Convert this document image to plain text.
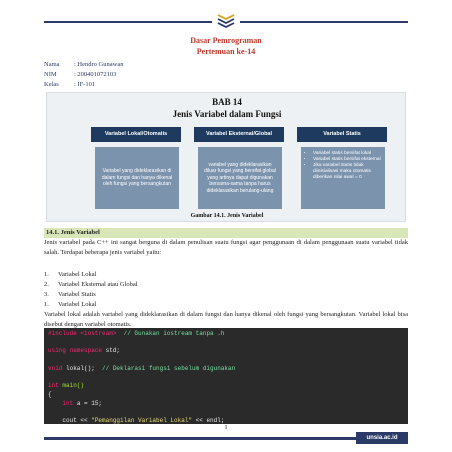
Dasar Pemrograman
Pertemuan ke-14
Nama	: Hendro Gunawan
NIM	: 200401072103
Kelas	: IF-101
BAB 14
Jenis Variabel dalam Fungsi
Variabel Lokal/Otomatis	Variabel Eksternal/Global	Variabel Statis
Variabel yang dideklarasikan di dalam fungsi dan hanya dikenal oleh fungsi yang bersangkutan
variabel yang dideklarasikan diluar fungsi yang bersifat global yang artinya dapat digunakan bersama-sama tanpa harus dideklarasikan berulang-ulang
• Variabel statis bersifat lokal
• Variabel statis bersifat eksternal
• Jika variabel statis tidak diinisialisasi maka otomatis diberikan nilai awal = 0
Gambar 14.1. Jenis Variabel
14.1. Jenis Variabel
Jenis variabel pada C++ ini sangat berguna di dalam penulisan suatu fungsi agar penggunaan di dalam penggunaan suatu variabel tidak salah. Terdapat beberapa jenis variabel yaitu:
1.	Variabel Lokal
2.	Variabel Eksternal atau Global
3.	Variabel Statis
1.	Variabel Lokal
Variabel lokal adalah variabel yang dideklarasikan di dalam fungsi dan hanya dikenal oleh fungsi yang bersangkutan. Variabel lokal bisa disebut dengan variabel otomatis.
#include <iostream> // Gunakan iostream tanpa .h

using namespace std;

void lokal(); // Deklarasi fungsi sebelum digunakan

int main()
{
int a = 15;

cout << "Pemanggilan Variabel Lokal" << endl;

1
unsia.ac.id
